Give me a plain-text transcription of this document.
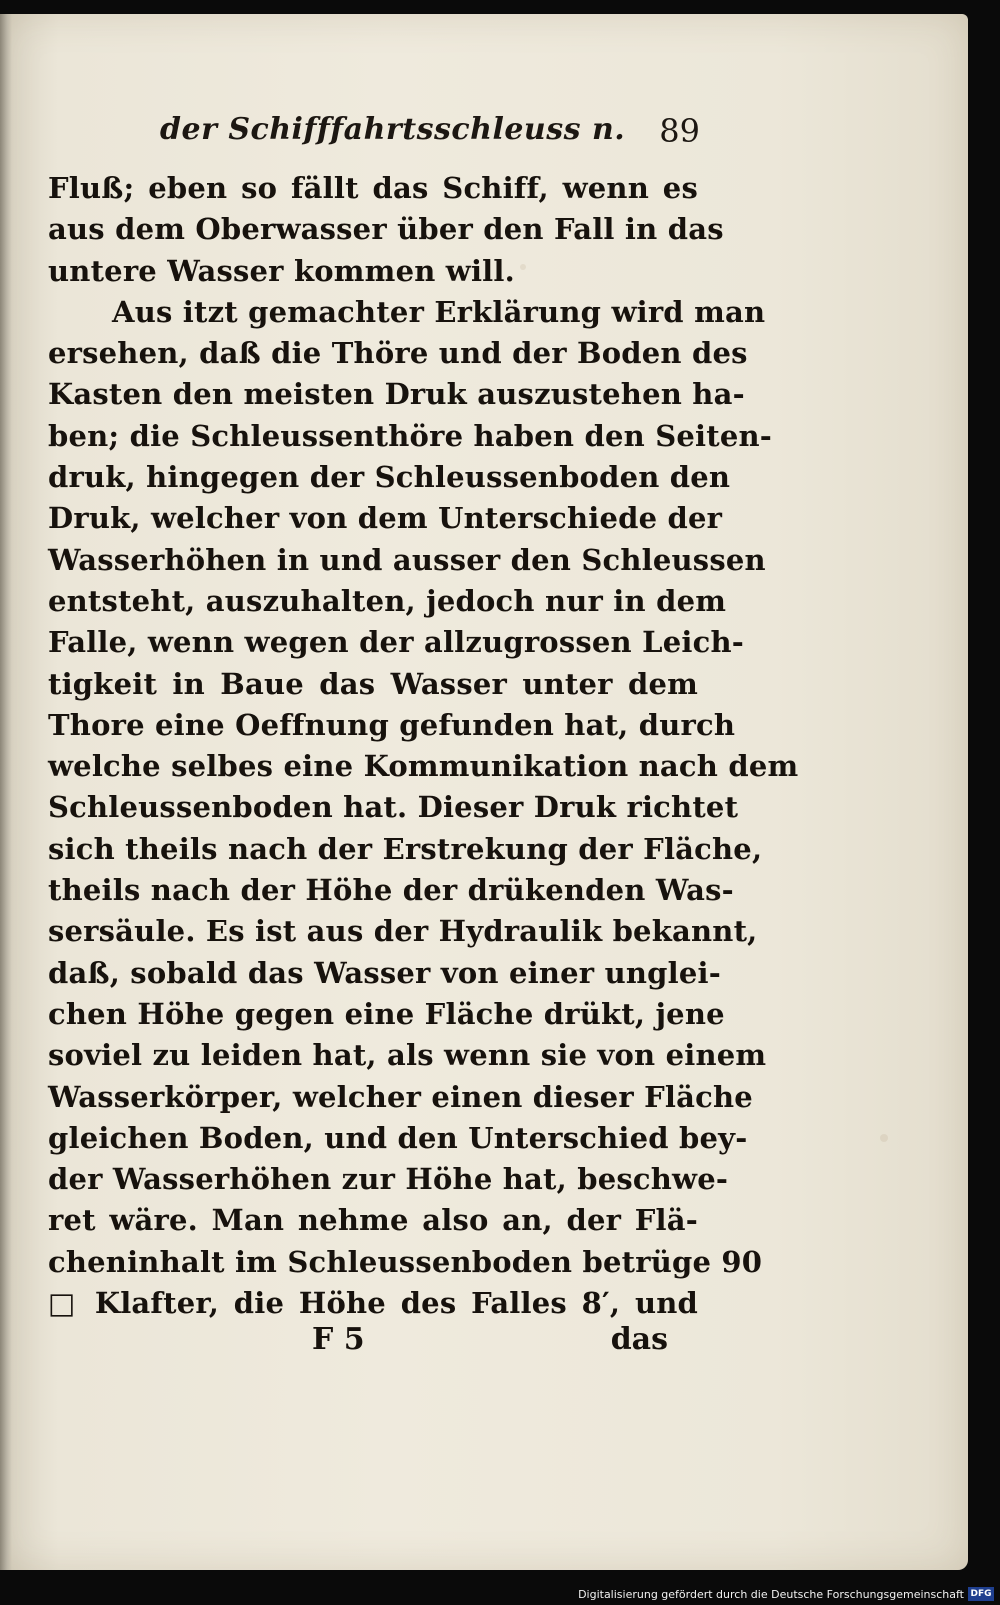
der Schifffahrtsschleuss n. 89
Fluß; eben so fällt das Schiff, wenn es
aus dem Oberwasser über den Fall in das
untere Wasser kommen will.
Aus itzt gemachter Erklärung wird man
ersehen, daß die Thöre und der Boden des
Kasten den meisten Druk auszustehen ha-
ben; die Schleussenthöre haben den Seiten-
druk, hingegen der Schleussenboden den
Druk, welcher von dem Unterschiede der
Wasserhöhen in und ausser den Schleussen
entsteht, auszuhalten, jedoch nur in dem
Falle, wenn wegen der allzugrossen Leich-
tigkeit in Baue das Wasser unter dem
Thore eine Oeffnung gefunden hat, durch
welche selbes eine Kommunikation nach dem
Schleussenboden hat. Dieser Druk richtet
sich theils nach der Erstrekung der Fläche,
theils nach der Höhe der drükenden Was-
sersäule. Es ist aus der Hydraulik bekannt,
daß, sobald das Wasser von einer unglei-
chen Höhe gegen eine Fläche drükt, jene
soviel zu leiden hat, als wenn sie von einem
Wasserkörper, welcher einen dieser Fläche
gleichen Boden, und den Unterschied bey-
der Wasserhöhen zur Höhe hat, beschwe-
ret wäre. Man nehme also an, der Flä-
cheninhalt im Schleussenboden betrüge 90
□ Klafter, die Höhe des Falles 8′, und
F 5	das
Digitalisierung gefördert durch die Deutsche Forschungsgemeinschaft DFG
